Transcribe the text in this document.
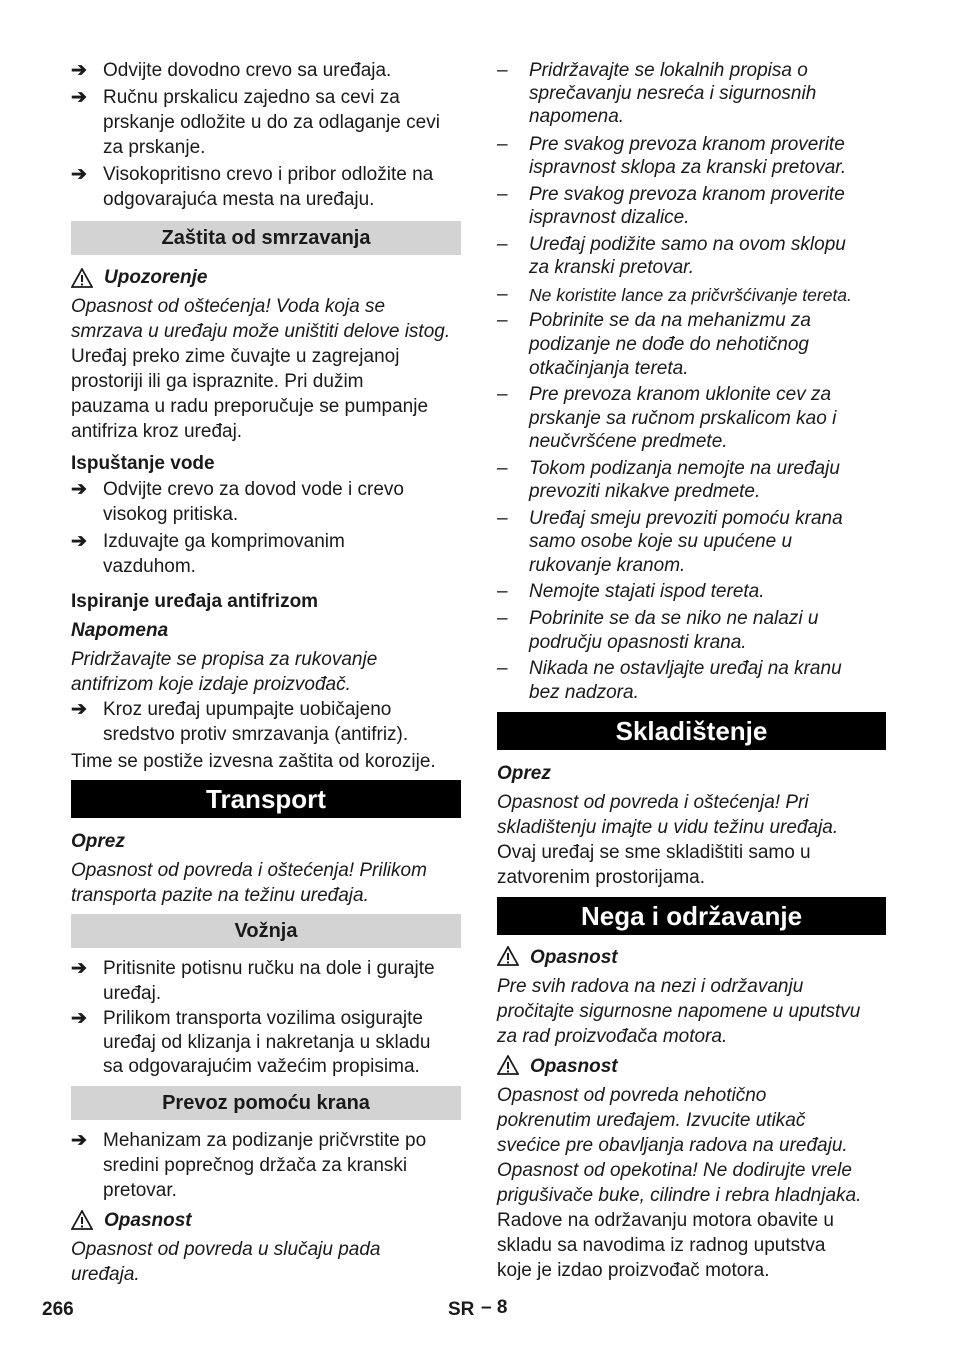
➔ Odvijte dovodno crevo sa uređaja.
➔ Ručnu prskalicu zajedno sa cevi za
prskanje odložite u do za odlaganje cevi
za prskanje.
➔ Visokopritisno crevo i pribor odložite na
odgovarajuća mesta na uređaju.
Zaštita od smrzavanja
Upozorenje
Opasnost od oštećenja! Voda koja se
smrzava u uređaju može uništiti delove istog.
Uređaj preko zime čuvajte u zagrejanoj
prostoriji ili ga ispraznite. Pri dužim
pauzama u radu preporučuje se pumpanje
antifriza kroz uređaj.
Ispuštanje vode
➔ Odvijte crevo za dovod vode i crevo
visokog pritiska.
➔ Izduvajte ga komprimovanim
vazduhom.
Ispiranje uređaja antifrizom
Napomena
Pridržavajte se propisa za rukovanje
antifrizom koje izdaje proizvođač.
➔ Kroz uređaj upumpajte uobičajeno
sredstvo protiv smrzavanja (antifriz).
Time se postiže izvesna zaštita od korozije.
Transport
Oprez
Opasnost od povreda i oštećenja! Prilikom
transporta pazite na težinu uređaja.
Vožnja
➔ Pritisnite potisnu ručku na dole i gurajte
uređaj.
➔ Prilikom transporta vozilima osigurajte
uređaj od klizanja i nakretanja u skladu
sa odgovarajućim važećim propisima.
Prevoz pomoću krana
➔ Mehanizam za podizanje pričvrstite po
sredini poprečnog držača za kranski
pretovar.
Opasnost
Opasnost od povreda u slučaju pada
uređaja.
– Pridržavajte se lokalnih propisa o
sprečavanju nesreća i sigurnosnih
napomena.
– Pre svakog prevoza kranom proverite
ispravnost sklopa za kranski pretovar.
– Pre svakog prevoza kranom proverite
ispravnost dizalice.
– Uređaj podižite samo na ovom sklopu
za kranski pretovar.
– Ne koristite lance za pričvršćivanje tereta.
– Pobrinite se da na mehanizmu za
podizanje ne dođe do nehotičnog
otkačinjanja tereta.
– Pre prevoza kranom uklonite cev za
prskanje sa ručnom prskalicom kao i
neučvršćene predmete.
– Tokom podizanja nemojte na uređaju
prevoziti nikakve predmete.
– Uređaj smeju prevoziti pomoću krana
samo osobe koje su upućene u
rukovanje kranom.
– Nemojte stajati ispod tereta.
– Pobrinite se da se niko ne nalazi u
području opasnosti krana.
– Nikada ne ostavljajte uređaj na kranu
bez nadzora.
Skladištenje
Oprez
Opasnost od povreda i oštećenja! Pri
skladištenju imajte u vidu težinu uređaja.
Ovaj uređaj se sme skladištiti samo u
zatvorenim prostorijama.
Nega i održavanje
Opasnost
Pre svih radova na nezi i održavanju
pročitajte sigurnosne napomene u uputstvu
za rad proizvođača motora.
Opasnost
Opasnost od povreda nehotično
pokrenutim uređajem. Izvucite utikač
svećice pre obavljanja radova na uređaju.
Opasnost od opekotina! Ne dodirujte vrele
prigušivače buke, cilindre i rebra hladnjaka.
Radove na održavanju motora obavite u
skladu sa navodima iz radnog uputstva
koje je izdao proizvođač motora.
266	SR – 8
